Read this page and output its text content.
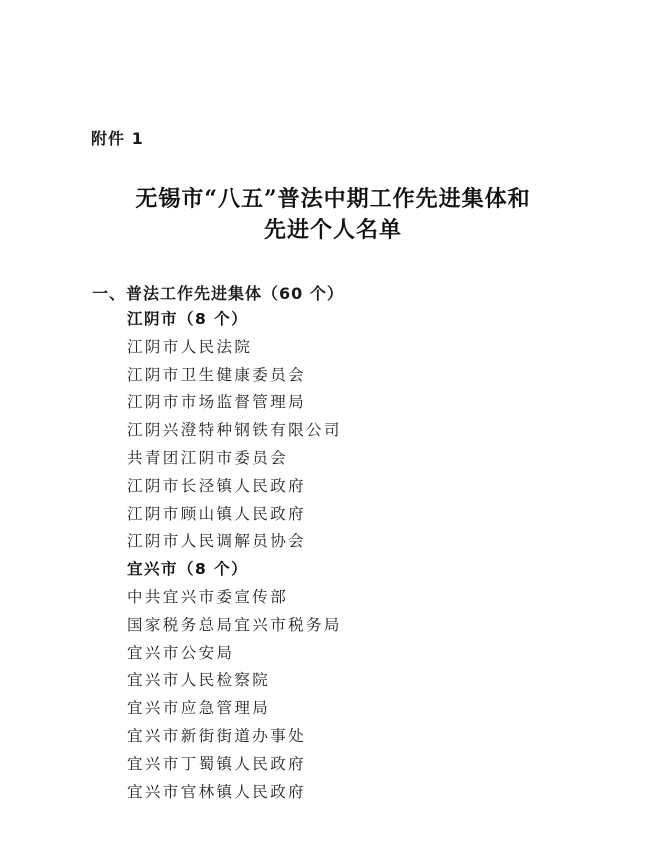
附件 1
无锡市“八五”普法中期工作先进集体和
先进个人名单
一、普法工作先进集体（60 个）
江阴市（8 个）
江阴市人民法院
江阴市卫生健康委员会
江阴市市场监督管理局
江阴兴澄特种钢铁有限公司
共青团江阴市委员会
江阴市长泾镇人民政府
江阴市顾山镇人民政府
江阴市人民调解员协会
宜兴市（8 个）
中共宜兴市委宣传部
国家税务总局宜兴市税务局
宜兴市公安局
宜兴市人民检察院
宜兴市应急管理局
宜兴市新街街道办事处
宜兴市丁蜀镇人民政府
宜兴市官林镇人民政府
